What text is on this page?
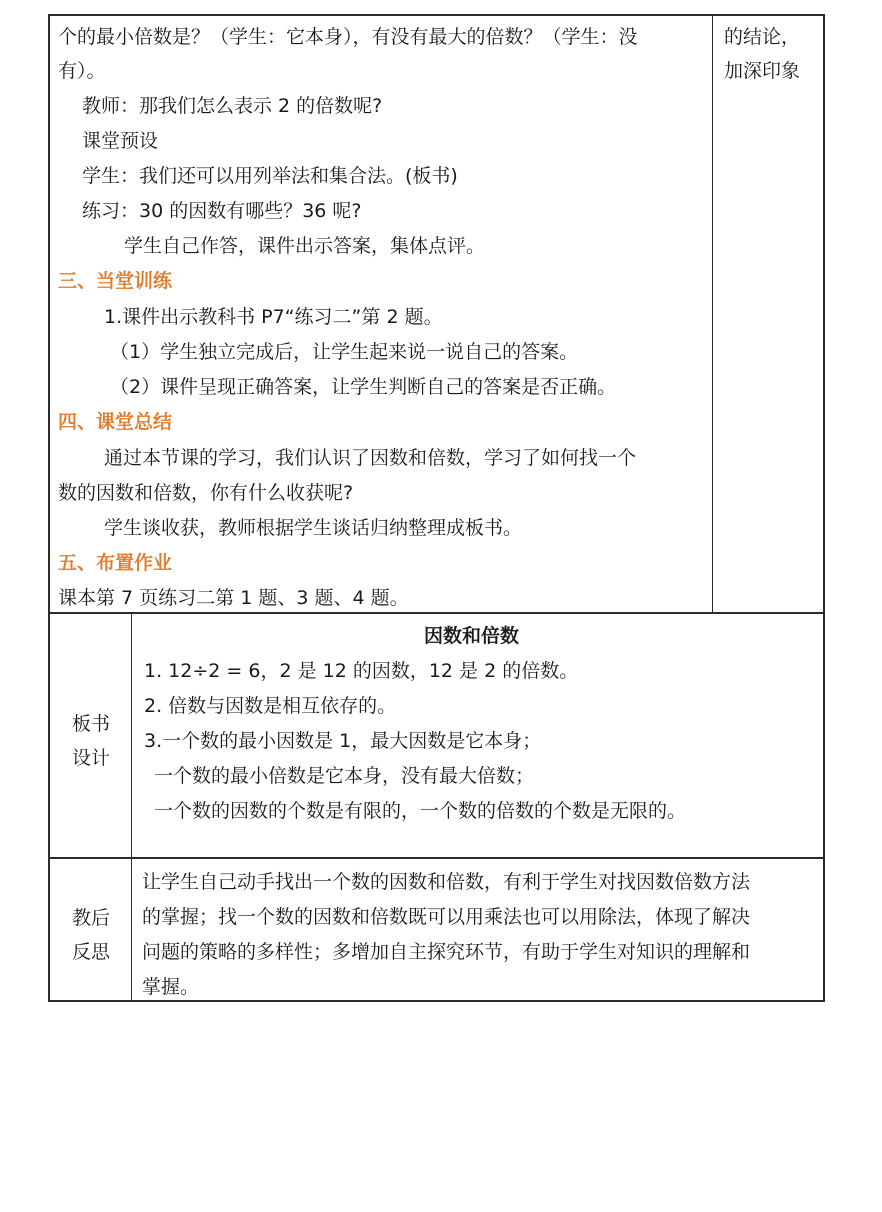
个的最小倍数是？（学生：它本身），有没有最大的倍数？（学生：没
有）。
教师：那我们怎么表示 2 的倍数呢?
课堂预设
学生：我们还可以用列举法和集合法。(板书)
练习：30 的因数有哪些？36 呢?
学生自己作答，课件出示答案，集体点评。
三、当堂训练
1.课件出示教科书 P7“练习二”第 2 题。
（1）学生独立完成后，让学生起来说一说自己的答案。
（2）课件呈现正确答案，让学生判断自己的答案是否正确。
四、课堂总结
通过本节课的学习，我们认识了因数和倍数，学习了如何找一个
数的因数和倍数，你有什么收获呢?
学生谈收获，教师根据学生谈话归纳整理成板书。
五、布置作业
课本第 7 页练习二第 1 题、3 题、4 题。
的结论，
加深印象
板书
设计
因数和倍数
1. 12÷2 = 6，2 是 12 的因数，12 是 2 的倍数。
2. 倍数与因数是相互依存的。
3.一个数的最小因数是 1，最大因数是它本身；
一个数的最小倍数是它本身，没有最大倍数；
一个数的因数的个数是有限的，一个数的倍数的个数是无限的。
教后
反思
让学生自己动手找出一个数的因数和倍数，有利于学生对找因数倍数方法
的掌握；找一个数的因数和倍数既可以用乘法也可以用除法，体现了解决
问题的策略的多样性；多增加自主探究环节，有助于学生对知识的理解和
掌握。
